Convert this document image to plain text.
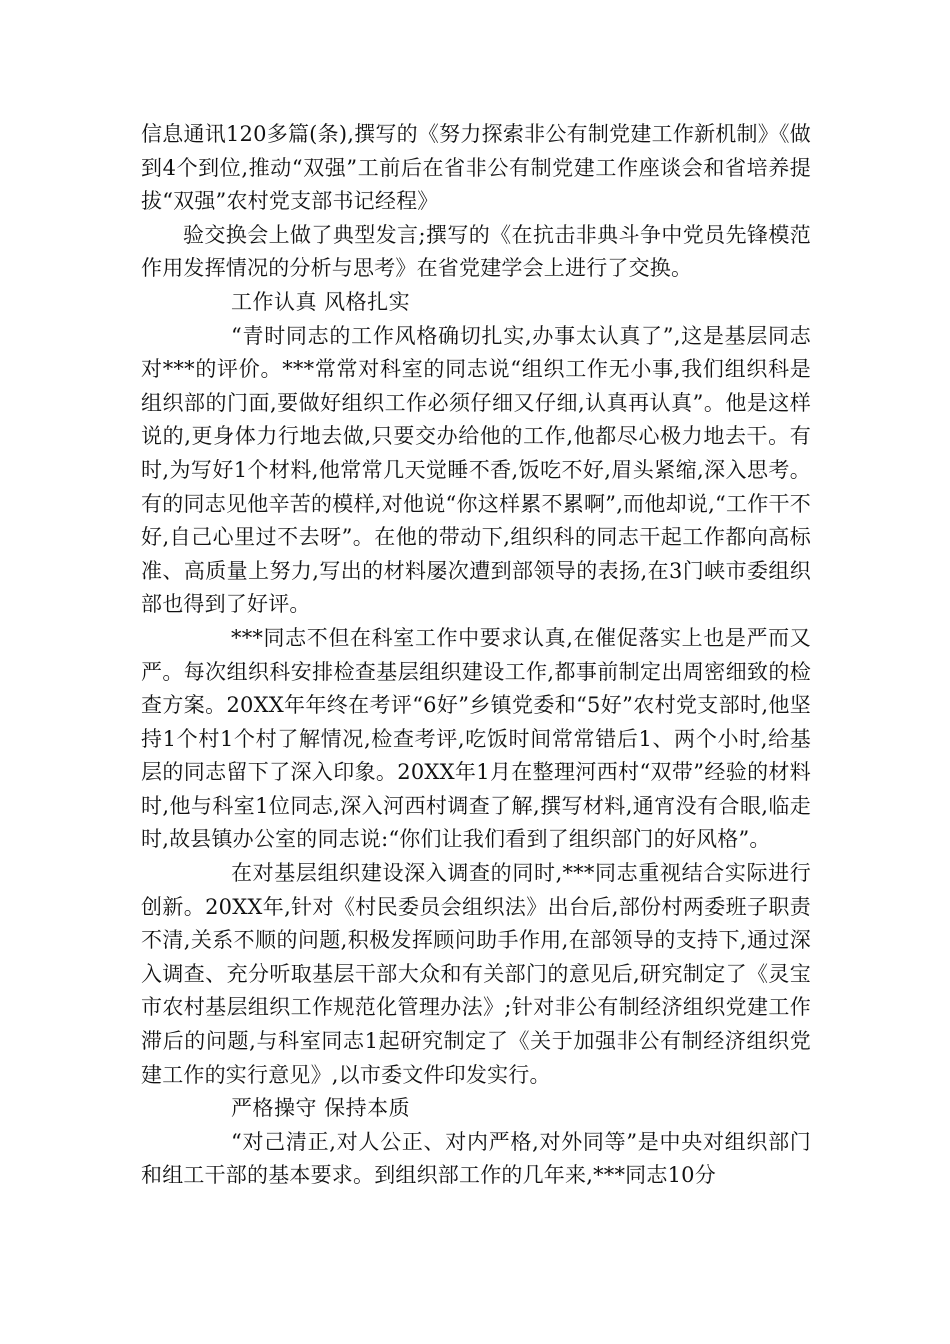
信息通讯120多篇(条),撰写的《努力探索非公有制党建工作新机制》《做到4个到位,推动“双强”工前后在省非公有制党建工作座谈会和省培养提拔“双强”农村党支部书记经程》

验交换会上做了典型发言;撰写的《在抗击非典斗争中党员先锋模范作用发挥情况的分析与思考》在省党建学会上进行了交换。

工作认真 风格扎实

“青时同志的工作风格确切扎实,办事太认真了”,这是基层同志对***的评价。***常常对科室的同志说“组织工作无小事,我们组织科是组织部的门面,要做好组织工作必须仔细又仔细,认真再认真”。他是这样说的,更身体力行地去做,只要交办给他的工作,他都尽心极力地去干。有时,为写好1个材料,他常常几天觉睡不香,饭吃不好,眉头紧缩,深入思考。有的同志见他辛苦的模样,对他说“你这样累不累啊”,而他却说,“工作干不好,自己心里过不去呀”。在他的带动下,组织科的同志干起工作都向高标准、高质量上努力,写出的材料屡次遭到部领导的表扬,在3门峡市委组织部也得到了好评。

***同志不但在科室工作中要求认真,在催促落实上也是严而又严。每次组织科安排检查基层组织建设工作,都事前制定出周密细致的检查方案。20XX年年终在考评“6好”乡镇党委和“5好”农村党支部时,他坚持1个村1个村了解情况,检查考评,吃饭时间常常错后1、两个小时,给基层的同志留下了深入印象。20XX年1月在整理河西村“双带”经验的材料时,他与科室1位同志,深入河西村调查了解,撰写材料,通宵没有合眼,临走时,故县镇办公室的同志说:“你们让我们看到了组织部门的好风格”。

在对基层组织建设深入调查的同时,***同志重视结合实际进行创新。20XX年,针对《村民委员会组织法》出台后,部份村两委班子职责不清,关系不顺的问题,积极发挥顾问助手作用,在部领导的支持下,通过深入调查、充分听取基层干部大众和有关部门的意见后,研究制定了《灵宝市农村基层组织工作规范化管理办法》;针对非公有制经济组织党建工作滞后的问题,与科室同志1起研究制定了《关于加强非公有制经济组织党建工作的实行意见》,以市委文件印发实行。

严格操守 保持本质

“对己清正,对人公正、对内严格,对外同等”是中央对组织部门和组工干部的基本要求。到组织部工作的几年来,***同志10分
